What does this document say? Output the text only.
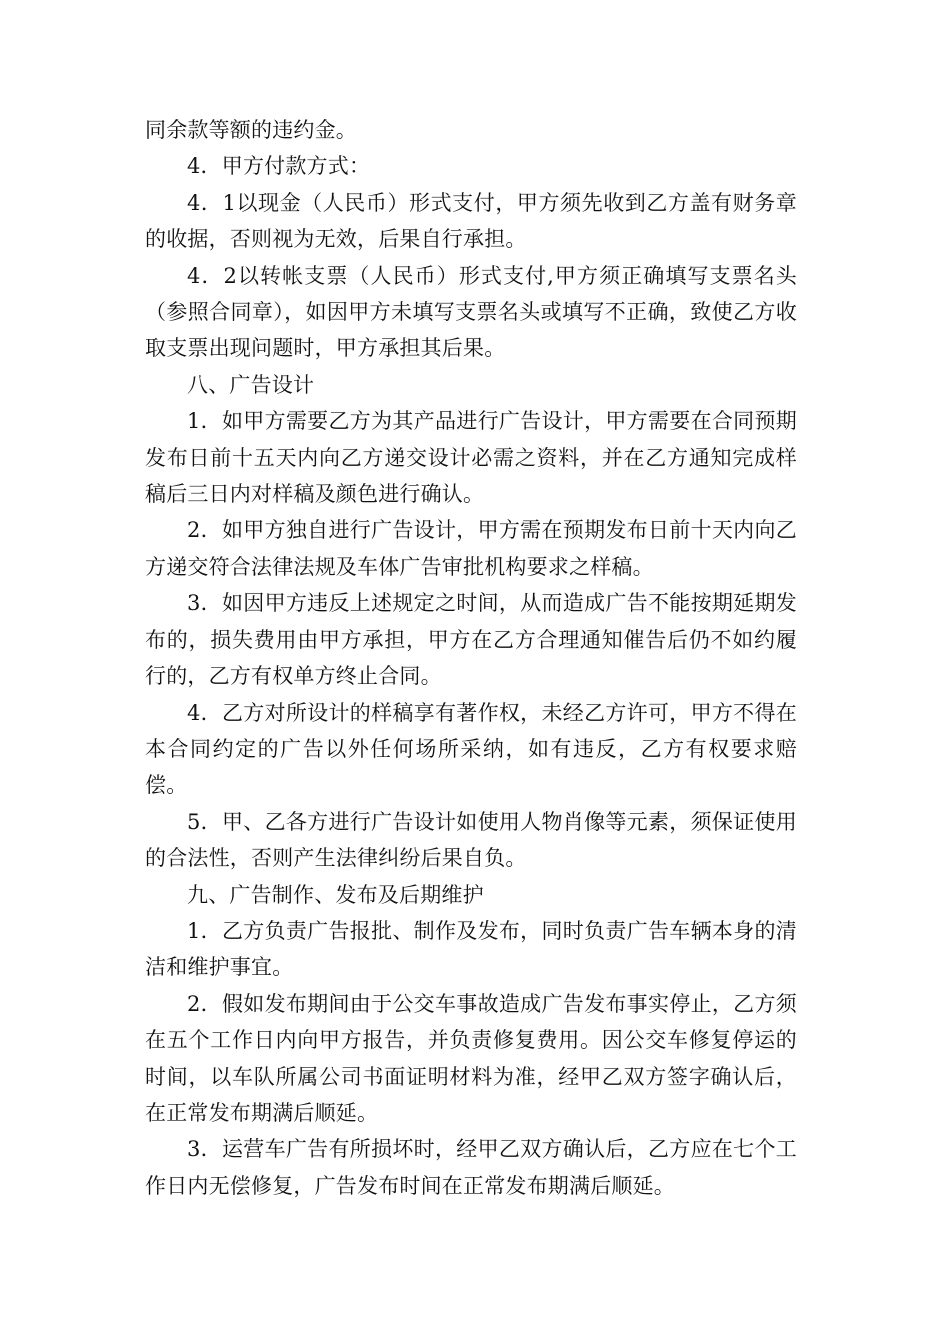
同余款等额的违约金。

4．甲方付款方式：

4．1以现金（人民币）形式支付，甲方须先收到乙方盖有财务章的收据，否则视为无效，后果自行承担。

4．2以转帐支票（人民币）形式支付,甲方须正确填写支票名头（参照合同章），如因甲方未填写支票名头或填写不正确，致使乙方收取支票出现问题时，甲方承担其后果。

八、广告设计

1．如甲方需要乙方为其产品进行广告设计，甲方需要在合同预期发布日前十五天内向乙方递交设计必需之资料，并在乙方通知完成样稿后三日内对样稿及颜色进行确认。

2．如甲方独自进行广告设计，甲方需在预期发布日前十天内向乙方递交符合法律法规及车体广告审批机构要求之样稿。

3．如因甲方违反上述规定之时间，从而造成广告不能按期延期发布的，损失费用由甲方承担，甲方在乙方合理通知催告后仍不如约履行的，乙方有权单方终止合同。

4．乙方对所设计的样稿享有著作权，未经乙方许可，甲方不得在本合同约定的广告以外任何场所采纳，如有违反，乙方有权要求赔偿。

5．甲、乙各方进行广告设计如使用人物肖像等元素，须保证使用的合法性，否则产生法律纠纷后果自负。

九、广告制作、发布及后期维护

1．乙方负责广告报批、制作及发布，同时负责广告车辆本身的清洁和维护事宜。

2．假如发布期间由于公交车事故造成广告发布事实停止，乙方须在五个工作日内向甲方报告，并负责修复费用。因公交车修复停运的时间，以车队所属公司书面证明材料为准，经甲乙双方签字确认后，在正常发布期满后顺延。

3．运营车广告有所损坏时，经甲乙双方确认后，乙方应在七个工作日内无偿修复，广告发布时间在正常发布期满后顺延。
